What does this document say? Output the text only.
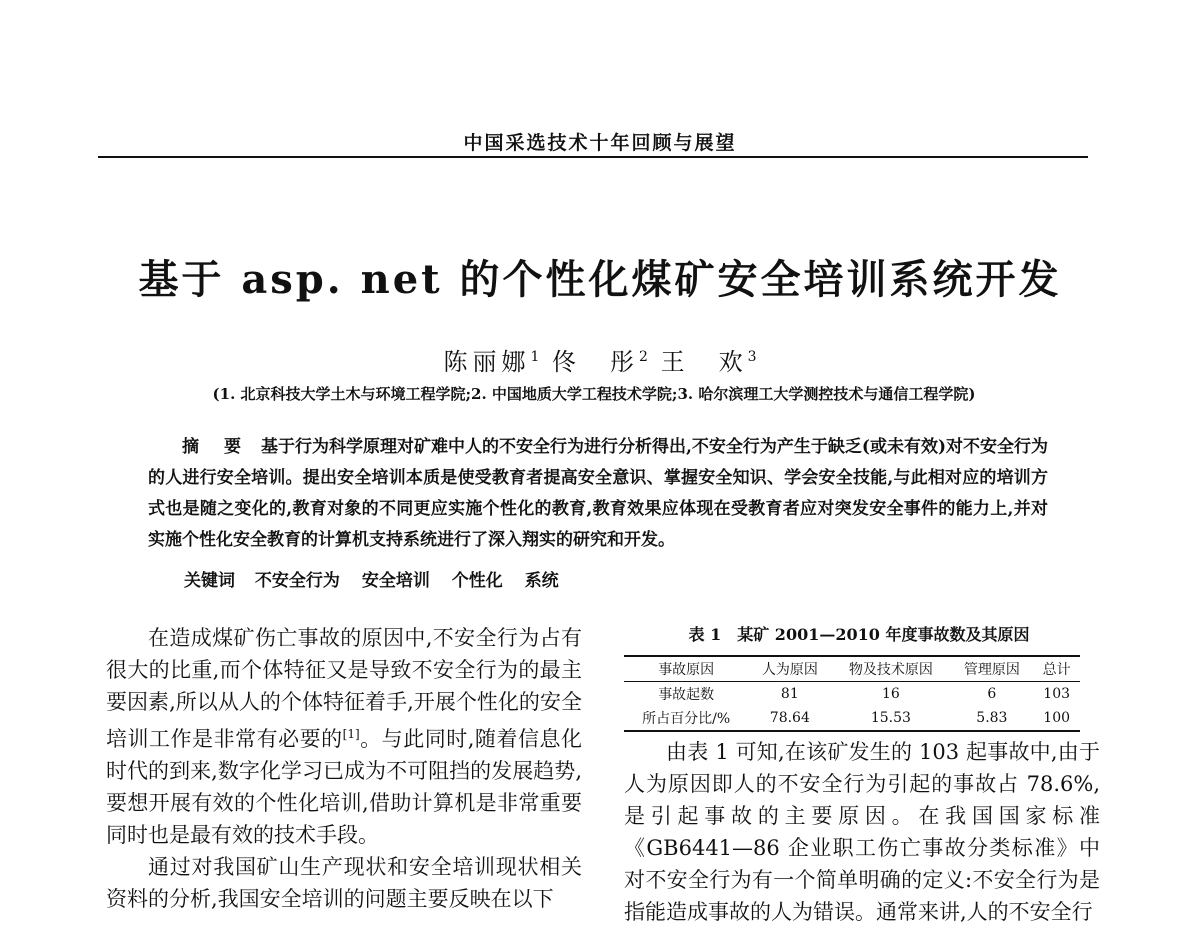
中国采选技术十年回顾与展望
基于 asp. net 的个性化煤矿安全培训系统开发
陈丽娜$^1$ 佟　彤$^2$ 王　欢$^3$
(1. 北京科技大学土木与环境工程学院;2. 中国地质大学工程技术学院;3. 哈尔滨理工大学测控技术与通信工程学院)
摘　要 基于行为科学原理对矿难中人的不安全行为进行分析得出,不安全行为产生于缺乏(或未有效)对不安全行为的人进行安全培训。提出安全培训本质是使受教育者提高安全意识、掌握安全知识、学会安全技能,与此相对应的培训方式也是随之变化的,教育对象的不同更应实施个性化的教育,教育效果应体现在受教育者应对突发安全事件的能力上,并对实施个性化安全教育的计算机支持系统进行了深入翔实的研究和开发。
关键词 不安全行为 安全培训 个性化 系统

在造成煤矿伤亡事故的原因中,不安全行为占有很大的比重,而个体特征又是导致不安全行为的最主要因素,所以从人的个体特征着手,开展个性化的安全培训工作是非常有必要的[1]。与此同时,随着信息化时代的到来,数字化学习已成为不可阻挡的发展趋势,要想开展有效的个性化培训,借助计算机是非常重要同时也是最有效的技术手段。

通过对我国矿山生产现状和安全培训现状相关资料的分析,我国安全培训的问题主要反映在以下

表 1　某矿 2001—2010 年度事故数及其原因
事故原因	人为原因	物及技术原因	管理原因	总计
事故起数	81	16	6	103
所占百分比/%	78.64	15.53	5.83	100

由表 1 可知,在该矿发生的 103 起事故中,由于人为原因即人的不安全行为引起的事故占 78.6%,是引起事故的主要原因。在我国国家标准《GB6441—86 企业职工伤亡事故分类标准》中对不安全行为有一个简单明确的定义:不安全行为是指能造成事故的人为错误。通常来讲,人的不安全行
